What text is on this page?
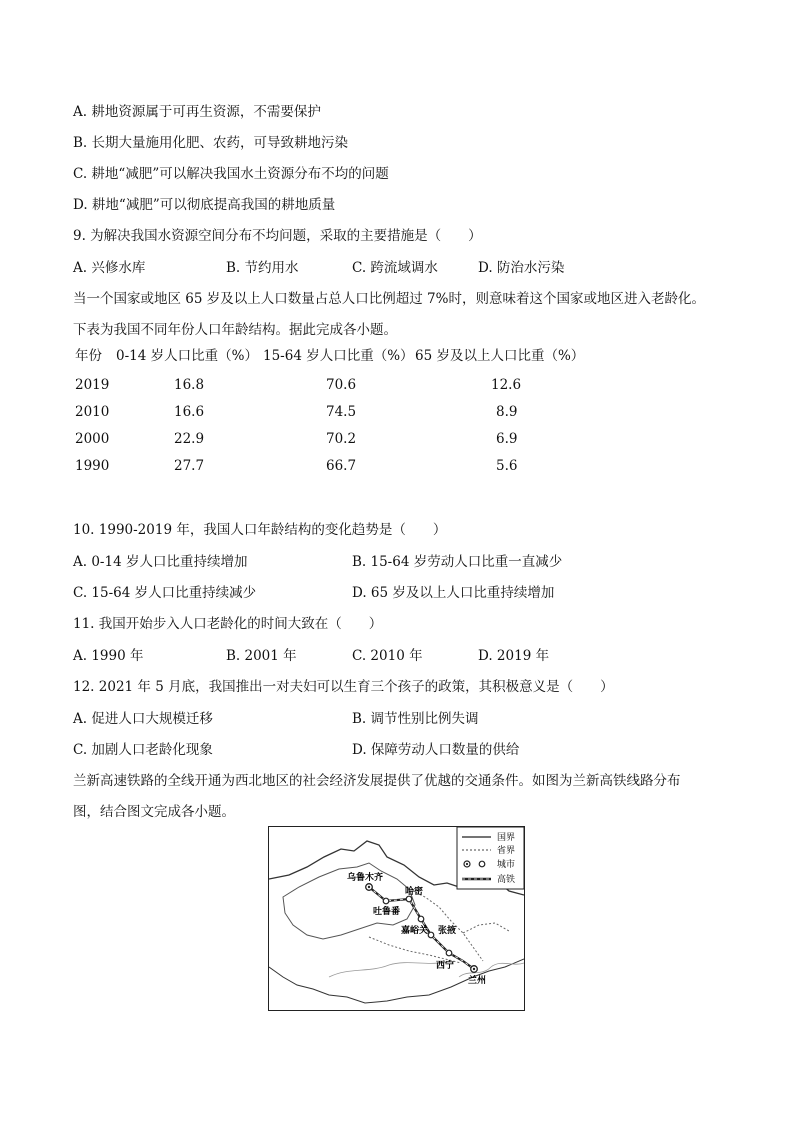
A. 耕地资源属于可再生资源，不需要保护
B. 长期大量施用化肥、农药，可导致耕地污染
C. 耕地“减肥”可以解决我国水土资源分布不均的问题
D. 耕地“减肥”可以彻底提高我国的耕地质量
9. 为解决我国水资源空间分布不均问题，采取的主要措施是（　　）
A. 兴修水库	B. 节约用水	C. 跨流域调水	D. 防治水污染
当一个国家或地区 65 岁及以上人口数量占总人口比例超过 7%时，则意味着这个国家或地区进入老龄化。
下表为我国不同年份人口年龄结构。据此完成各小题。
年份 0-14 岁人口比重（%） 15-64 岁人口比重（%） 65 岁及以上人口比重（%）
2019	16.8	70.6	12.6
2010	16.6	74.5	8.9
2000	22.9	70.2	6.9
1990	27.7	66.7	5.6
10. 1990-2019 年，我国人口年龄结构的变化趋势是（　　）
A. 0-14 岁人口比重持续增加	B. 15-64 岁劳动人口比重一直减少
C. 15-64 岁人口比重持续减少	D. 65 岁及以上人口比重持续增加
11. 我国开始步入人口老龄化的时间大致在（　　）
A. 1990 年	B. 2001 年	C. 2010 年	D. 2019 年
12. 2021 年 5 月底，我国推出一对夫妇可以生育三个孩子的政策，其积极意义是（　　）
A. 促进人口大规模迁移	B. 调节性别比例失调
C. 加剧人口老龄化现象	D. 保障劳动人口数量的供给
兰新高速铁路的全线开通为西北地区的社会经济发展提供了优越的交通条件。如图为兰新高铁线路分布
图，结合图文完成各小题。
乌鲁木齐
哈密
吐鲁番
嘉峪关 张掖
西宁
兰州
国界
省界
城市
高铁
